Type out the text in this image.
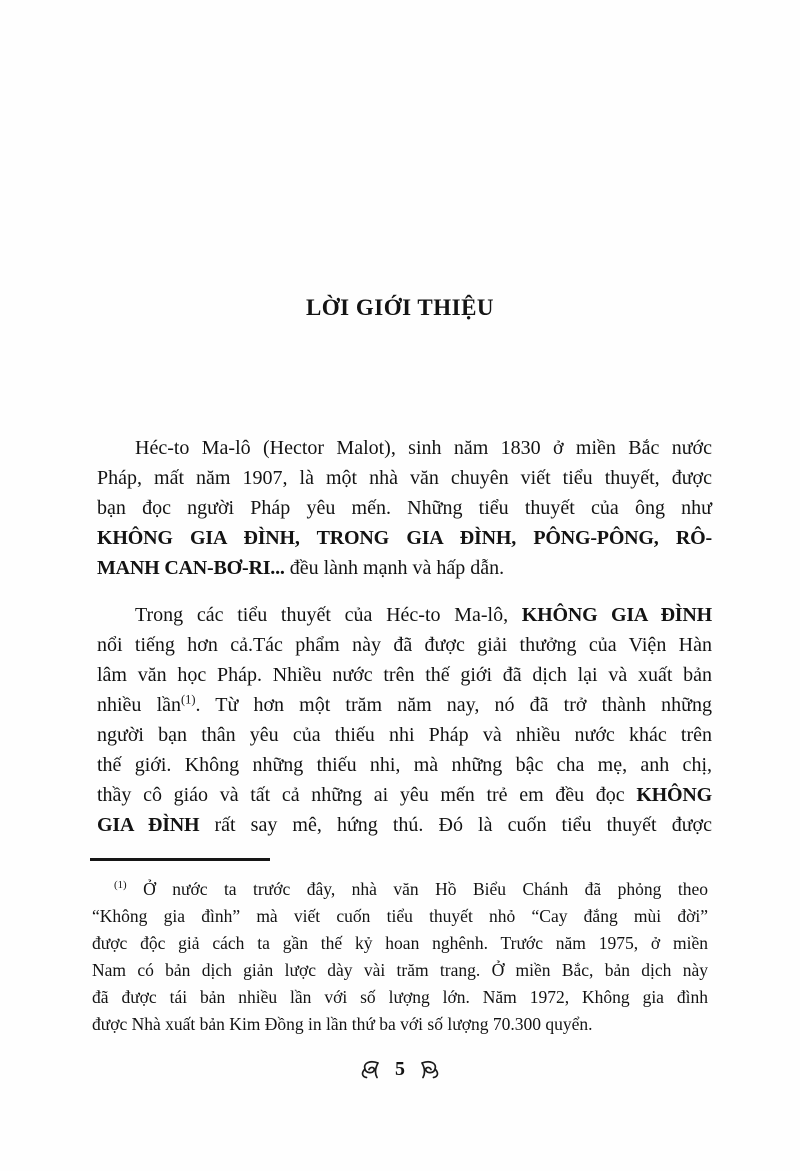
LỜI GIỚI THIỆU
Héc-to Ma-lô (Hector Malot), sinh năm 1830 ở miền Bắc nước
Pháp, mất năm 1907, là một nhà văn chuyên viết tiểu thuyết, được
bạn đọc người Pháp yêu mến. Những tiểu thuyết của ông như
KHÔNG GIA ĐÌNH, TRONG GIA ĐÌNH, PÔNG-PÔNG, RÔ-
MANH CAN-BƠ-RI... đều lành mạnh và hấp dẫn.
Trong các tiểu thuyết của Héc-to Ma-lô, KHÔNG GIA ĐÌNH
nổi tiếng hơn cả.Tác phẩm này đã được giải thưởng của Viện Hàn
lâm văn học Pháp. Nhiều nước trên thế giới đã dịch lại và xuất bản
nhiều lần$^{(1)}$. Từ hơn một trăm năm nay, nó đã trở thành những
người bạn thân yêu của thiếu nhi Pháp và nhiều nước khác trên
thế giới. Không những thiếu nhi, mà những bậc cha mẹ, anh chị,
thầy cô giáo và tất cả những ai yêu mến trẻ em đều đọc KHÔNG
GIA ĐÌNH rất say mê, hứng thú. Đó là cuốn tiểu thuyết được
$^{(1)}$ Ở nước ta trước đây, nhà văn Hồ Biểu Chánh đã phỏng theo
“Không gia đình” mà viết cuốn tiểu thuyết nhỏ “Cay đắng mùi đời”
được độc giả cách ta gần thế kỷ hoan nghênh. Trước năm 1975, ở miền
Nam có bản dịch giản lược dày vài trăm trang. Ở miền Bắc, bản dịch này
đã được tái bản nhiều lần với số lượng lớn. Năm 1972, Không gia đình
được Nhà xuất bản Kim Đồng in lần thứ ba với số lượng 70.300 quyển.
5
